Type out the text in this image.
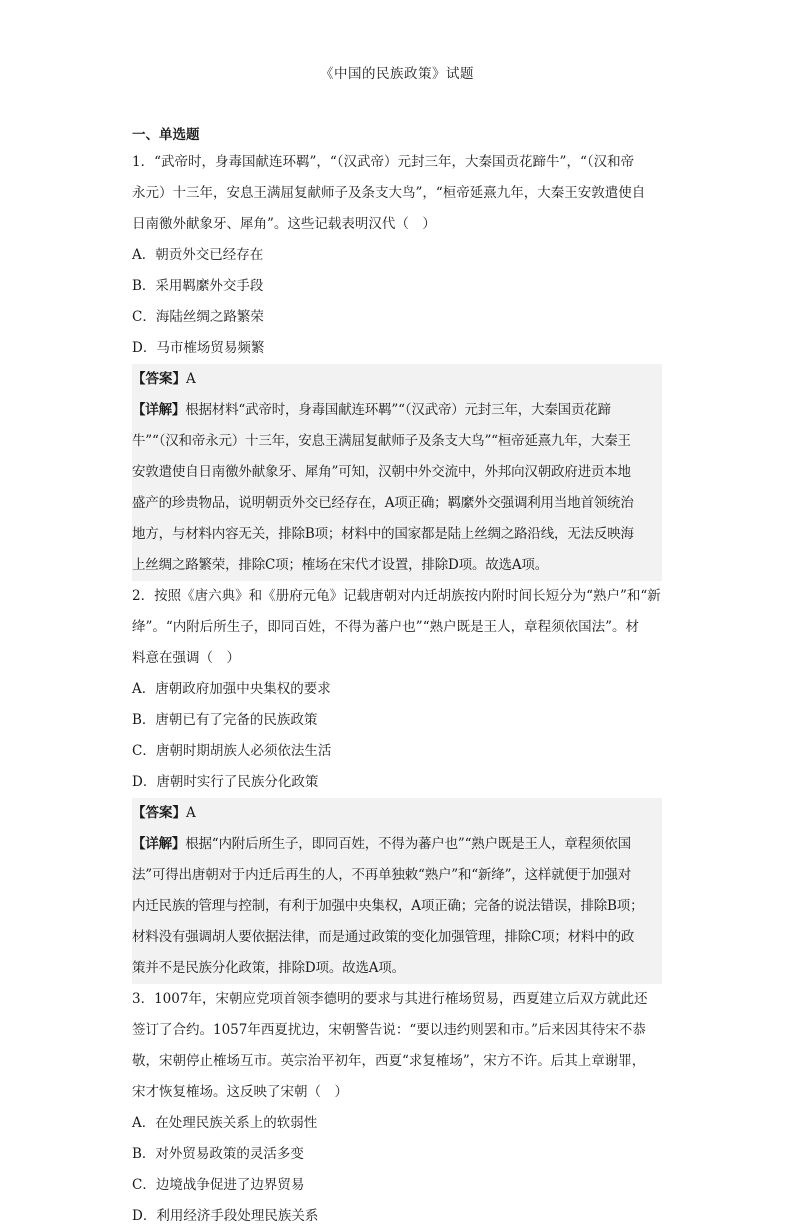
《中国的民族政策》试题
一、单选题
1．“武帝时，身毒国献连环羁”，“（汉武帝）元封三年，大秦国贡花蹄牛”，“（汉和帝
永元）十三年，安息王满屈复献师子及条支大鸟”，“桓帝延熹九年，大秦王安敦遣使自
日南徼外献象牙、犀角”。这些记载表明汉代（　）
A．朝贡外交已经存在
B．采用羁縻外交手段
C．海陆丝绸之路繁荣
D．马市榷场贸易频繁
【答案】A
【详解】根据材料“武帝时，身毒国献连环羁”“（汉武帝）元封三年，大秦国贡花蹄
牛”“（汉和帝永元）十三年，安息王满屈复献师子及条支大鸟”“桓帝延熹九年，大秦王
安敦遣使自日南徼外献象牙、犀角”可知，汉朝中外交流中，外邦向汉朝政府进贡本地
盛产的珍贵物品，说明朝贡外交已经存在，A项正确；羁縻外交强调利用当地首领统治
地方，与材料内容无关，排除B项；材料中的国家都是陆上丝绸之路沿线，无法反映海
上丝绸之路繁荣，排除C项；榷场在宋代才设置，排除D项。故选A项。
2．按照《唐六典》和《册府元龟》记载唐朝对内迁胡族按内附时间长短分为“熟户”和“新
绛”。“内附后所生子，即同百姓，不得为蕃户也”“熟户既是王人，章程须依国法”。材
料意在强调（　）
A．唐朝政府加强中央集权的要求
B．唐朝已有了完备的民族政策
C．唐朝时期胡族人必须依法生活
D．唐朝时实行了民族分化政策
【答案】A
【详解】根据“内附后所生子，即同百姓，不得为蕃户也”“熟户既是王人，章程须依国
法”可得出唐朝对于内迁后再生的人，不再单独敕“熟户”和“新绛”，这样就便于加强对
内迁民族的管理与控制，有利于加强中央集权，A项正确；完备的说法错误，排除B项；
材料没有强调胡人要依据法律，而是通过政策的变化加强管理，排除C项；材料中的政
策并不是民族分化政策，排除D项。故选A项。
3．1007年，宋朝应党项首领李德明的要求与其进行榷场贸易，西夏建立后双方就此还
签订了合约。1057年西夏扰边，宋朝警告说：“要以违约则罢和市。”后来因其待宋不恭
敬，宋朝停止榷场互市。英宗治平初年，西夏“求复榷场”，宋方不许。后其上章谢罪，
宋才恢复榷场。这反映了宋朝（　）
A．在处理民族关系上的软弱性
B．对外贸易政策的灵活多变
C．边境战争促进了边界贸易
D．利用经济手段处理民族关系
